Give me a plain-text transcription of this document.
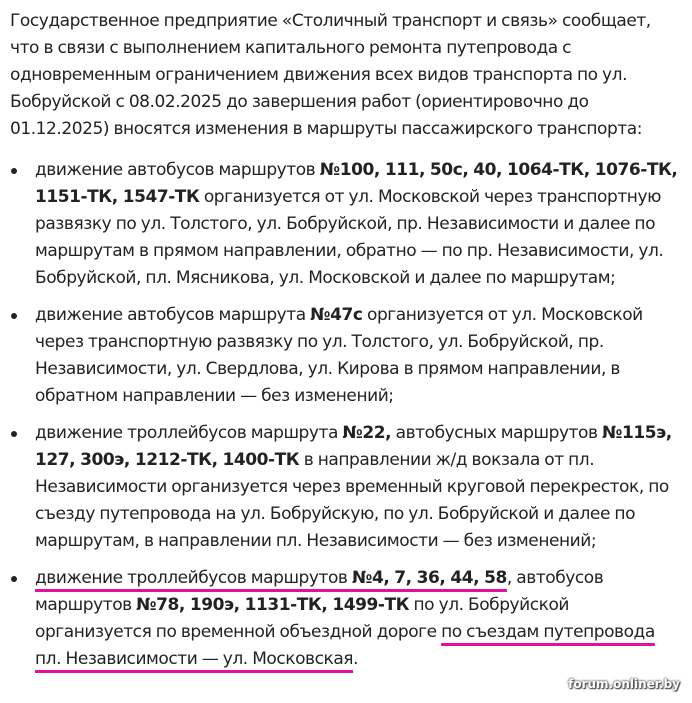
Государственное предприятие «Столичный транспорт и связь» сообщает, что в связи с выполнением капитального ремонта путепровода с одновременным ограничением движения всех видов транспорта по ул. Бобруйской с 08.02.2025 до завершения работ (ориентировочно до 01.12.2025) вносятся изменения в маршруты пассажирского транспорта:

движение автобусов маршрутов №100, 111, 50с, 40, 1064-ТК, 1076-ТК, 1151-ТК, 1547-ТК организуется от ул. Московской через транспортную развязку по ул. Толстого, ул. Бобруйской, пр. Независимости и далее по маршрутам в прямом направлении, обратно — по пр. Независимости, ул. Бобруйской, пл. Мясникова, ул. Московской и далее по маршрутам;
движение автобусов маршрута №47с организуется от ул. Московской через транспортную развязку по ул. Толстого, ул. Бобруйской, пр. Независимости, ул. Свердлова, ул. Кирова в прямом направлении, в обратном направлении — без изменений;
движение троллейбусов маршрута №22, автобусных маршрутов №115э, 127, 300э, 1212-ТК, 1400-ТК в направлении ж/д вокзала от пл. Независимости организуется через временный круговой перекресток, по съезду путепровода на ул. Бобруйскую, по ул. Бобруйской и далее по маршрутам, в направлении пл. Независимости — без изменений;
движение троллейбусов маршрутов №4, 7, 36, 44, 58, автобусов маршрутов №78, 190э, 1131-ТК, 1499-ТК по ул. Бобруйской организуется по временной объездной дороге по съездам путепровода пл. Независимости — ул. Московская.
forum.onliner.by
